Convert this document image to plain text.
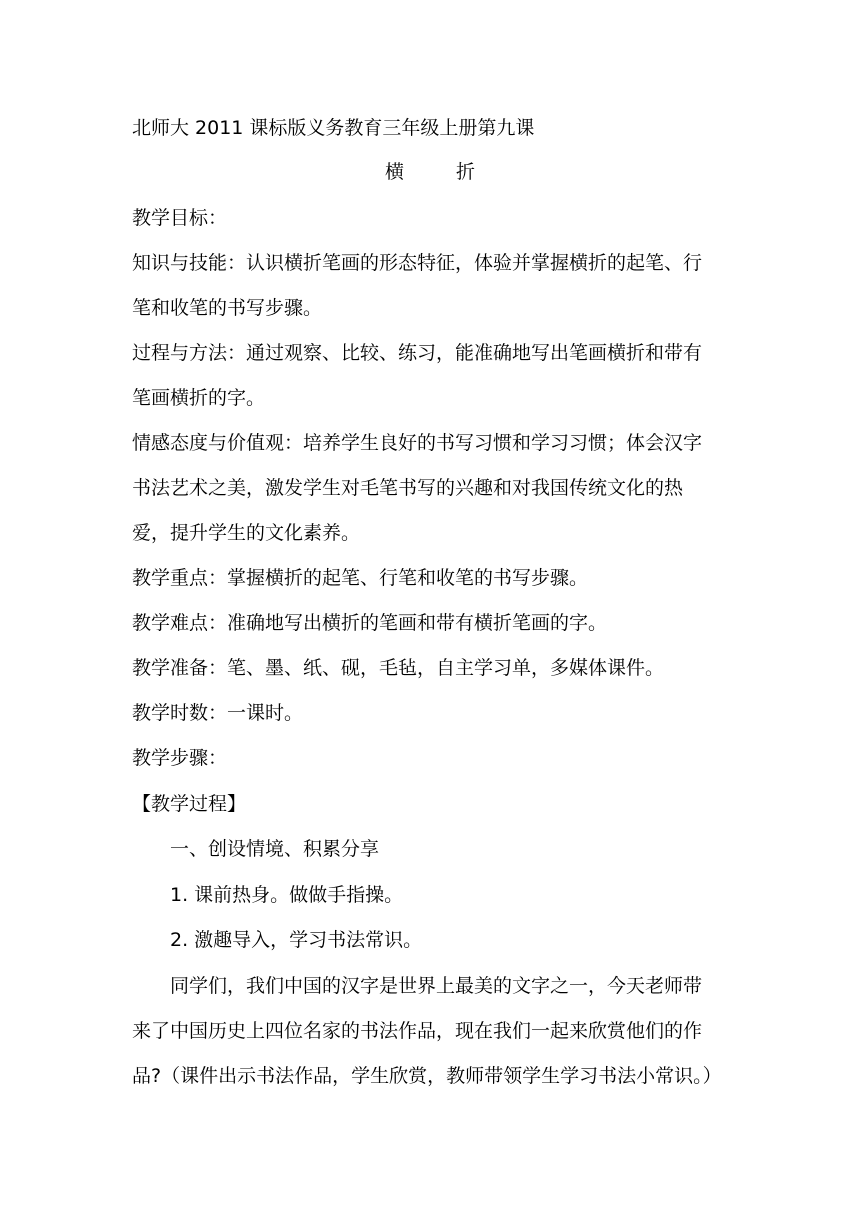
北师大 2011 课标版义务教育三年级上册第九课
横	折
教学目标：
知识与技能：认识横折笔画的形态特征，体验并掌握横折的起笔、行
笔和收笔的书写步骤。
过程与方法：通过观察、比较、练习，能准确地写出笔画横折和带有
笔画横折的字。
情感态度与价值观：培养学生良好的书写习惯和学习习惯；体会汉字
书法艺术之美，激发学生对毛笔书写的兴趣和对我国传统文化的热
爱，提升学生的文化素养。
教学重点：掌握横折的起笔、行笔和收笔的书写步骤。
教学难点：准确地写出横折的笔画和带有横折笔画的字。
教学准备：笔、墨、纸、砚，毛毡，自主学习单，多媒体课件。
教学时数：一课时。
教学步骤：
【教学过程】
一、创设情境、积累分享
1. 课前热身。做做手指操。
2. 激趣导入，学习书法常识。
同学们，我们中国的汉字是世界上最美的文字之一，今天老师带
来了中国历史上四位名家的书法作品，现在我们一起来欣赏他们的作
品?（课件出示书法作品，学生欣赏，教师带领学生学习书法小常识。）
